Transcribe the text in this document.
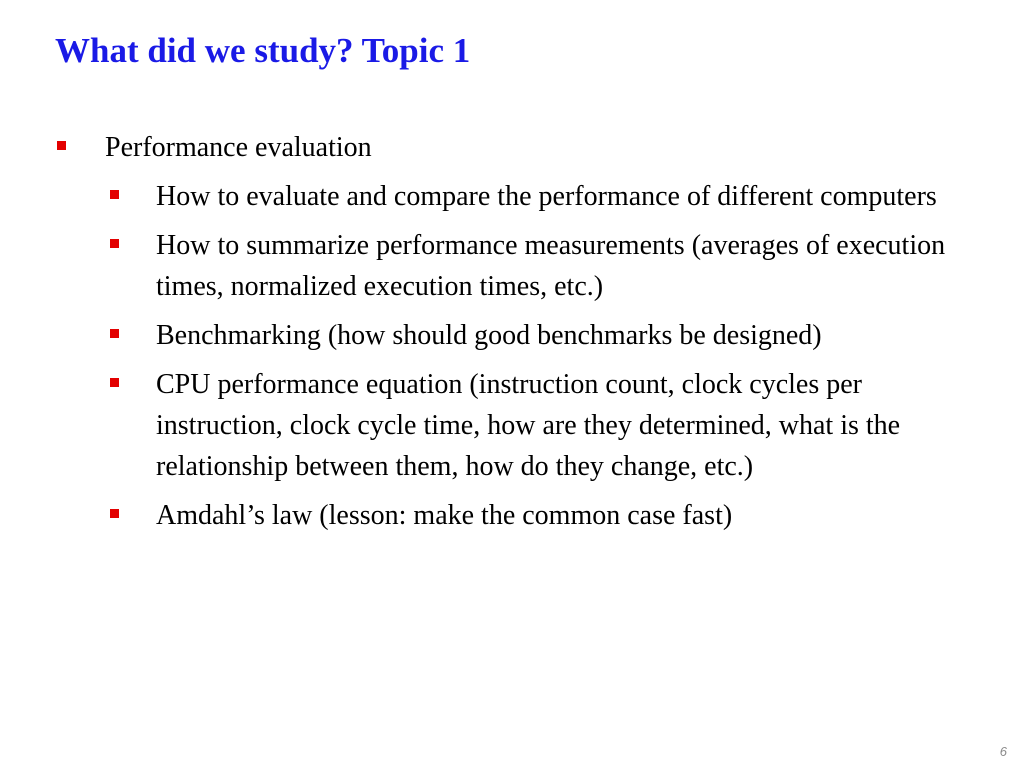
What did we study? Topic 1
Performance evaluation
How to evaluate and compare the performance of different computers
How to summarize performance measurements (averages of execution times, normalized execution times, etc.)
Benchmarking (how should good benchmarks be designed)
CPU performance equation (instruction count, clock cycles per instruction, clock cycle time, how are they determined, what is the relationship between them, how do they change, etc.)
Amdahl’s law (lesson: make the common case fast)
6
